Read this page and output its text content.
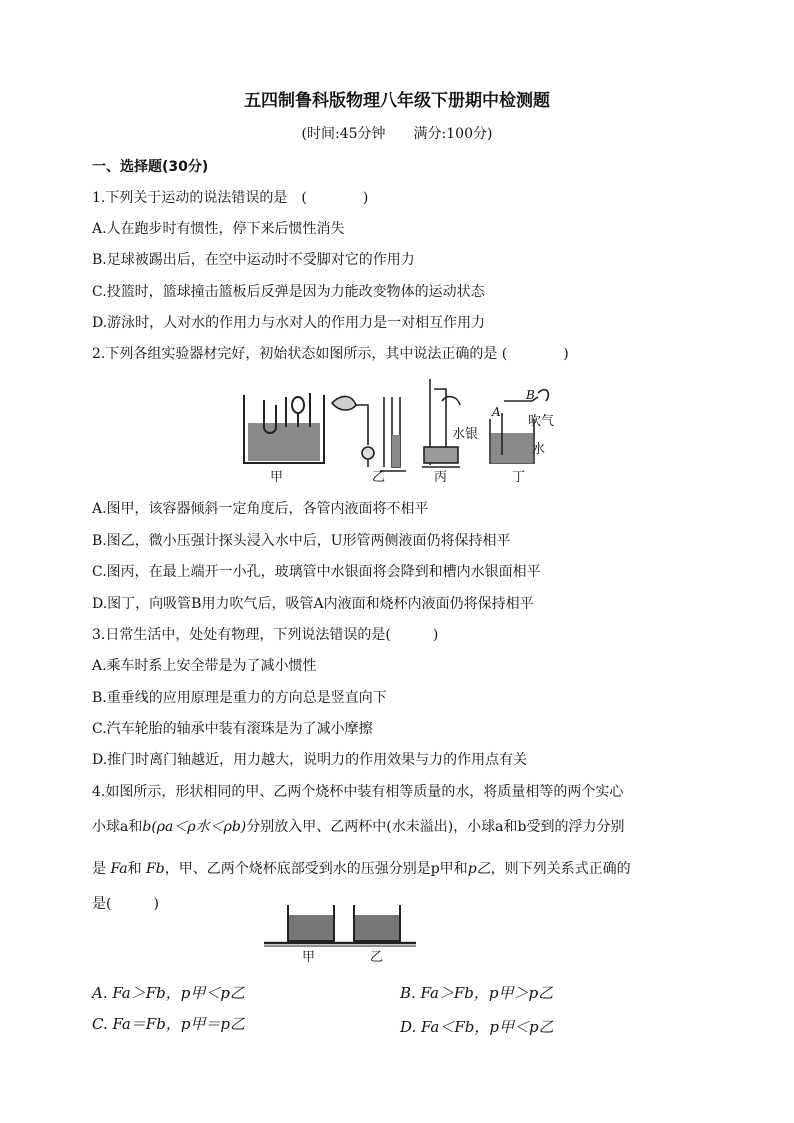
五四制鲁科版物理八年级下册期中检测题
(时间:45分钟　　满分:100分)
一、选择题(30分)
1.下列关于运动的说法错误的是　(　　　　)
A.人在跑步时有惯性，停下来后惯性消失
B.足球被踢出后，在空中运动时不受脚对它的作用力
C.投篮时，篮球撞击篮板后反弹是因为力能改变物体的运动状态
D.游泳时，人对水的作用力与水对人的作用力是一对相互作用力
2.下列各组实验器材完好，初始状态如图所示，其中说法正确的是 (　　　　)
水银
A
B
吹气
水
甲	乙	丙	丁
A.图甲，该容器倾斜一定角度后，各管内液面将不相平
B.图乙，微小压强计探头浸入水中后，U形管两侧液面仍将保持相平
C.图丙，在最上端开一小孔，玻璃管中水银面将会降到和槽内水银面相平
D.图丁，向吸管B用力吹气后，吸管A内液面和烧杯内液面仍将保持相平
3.日常生活中，处处有物理，下列说法错误的是(　　　)
A.乘车时系上安全带是为了减小惯性
B.重垂线的应用原理是重力的方向总是竖直向下
C.汽车轮胎的轴承中装有滚珠是为了减小摩擦
D.推门时离门轴越近，用力越大，说明力的作用效果与力的作用点有关
4.如图所示，形状相同的甲、乙两个烧杯中装有相等质量的水，将质量相等的两个实心
小球a和b(ρa＜ρ水＜ρb)分别放入甲、乙两杯中(水未溢出)，小球a和b受到的浮力分别
是 Fa和 Fb，甲、乙两个烧杯底部受到水的压强分别是p甲和p乙，则下列关系式正确的
是(　　　)
甲	乙
A. Fa＞Fb，p甲＜p乙	B. Fa＞Fb，p甲＞p乙
C. Fa＝Fb，p甲＝p乙	D. Fa＜Fb，p甲＜p乙
